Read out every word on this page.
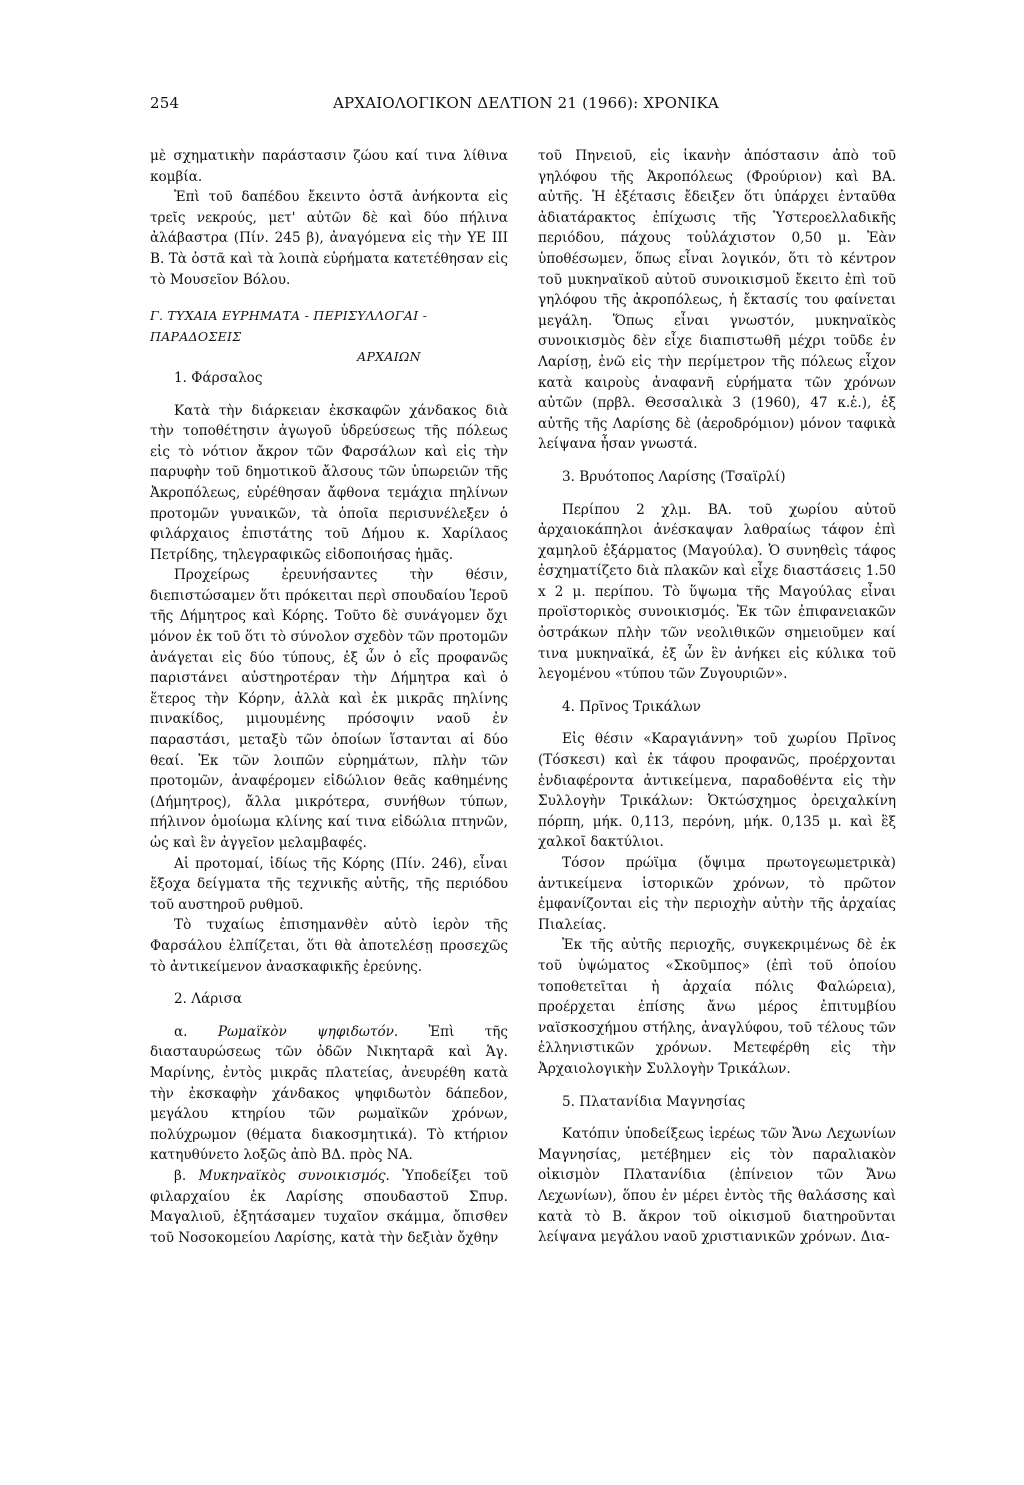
254	ΑΡΧΑΙΟΛΟΓΙΚΟΝ ΔΕΛΤΙΟΝ 21 (1966): ΧΡΟΝΙΚΑ

μὲ σχηματικὴν παράστασιν ζώου καί τινα λίθινα κομβία.

Ἐπὶ τοῦ δαπέδου ἔκειντο ὀστᾶ ἀνήκοντα εἰς τρεῖς νεκρούς, μετ' αὐτῶν δὲ καὶ δύο πήλινα ἀλάβαστρα (Πίν. 245 β), ἀναγόμενα εἰς τὴν ΥΕ ΙΙΙ Β. Τὰ ὀστᾶ καὶ τὰ λοιπὰ εὑρήματα κατετέθησαν εἰς τὸ Μουσεῖον Βόλου.

Γ. ΤΥΧΑΙΑ ΕΥΡΗΜΑΤΑ - ΠΕΡΙΣΥΛΛΟΓΑΙ - ΠΑΡΑΔΟΣΕΙΣ
ΑΡΧΑΙΩΝ

1. Φάρσαλος

Κατὰ τὴν διάρκειαν ἐκσκαφῶν χάνδακος διὰ τὴν τοποθέτησιν ἀγωγοῦ ὑδρεύσεως τῆς πόλεως εἰς τὸ νότιον ἄκρον τῶν Φαρσάλων καὶ εἰς τὴν παρυφὴν τοῦ δημοτικοῦ ἄλσους τῶν ὑπωρειῶν τῆς Ἀκροπόλεως, εὑρέθησαν ἄφθονα τεμάχια πηλίνων προτομῶν γυναικῶν, τὰ ὁποῖα περισυνέλεξεν ὁ φιλάρχαιος ἐπιστάτης τοῦ Δήμου κ. Χαρίλαος Πετρίδης, τηλεγραφικῶς εἰδοποιήσας ἡμᾶς.

Προχείρως ἐρευνήσαντες τὴν θέσιν, διεπιστώσαμεν ὅτι πρόκειται περὶ σπουδαίου Ἱεροῦ τῆς Δήμητρος καὶ Κόρης. Τοῦτο δὲ συνάγομεν ὄχι μόνον ἐκ τοῦ ὅτι τὸ σύνολον σχεδὸν τῶν προτομῶν ἀνάγεται εἰς δύο τύπους, ἐξ ὧν ὁ εἷς προφανῶς παριστάνει αὐστηροτέραν τὴν Δήμητρα καὶ ὁ ἕτερος τὴν Κόρην, ἀλλὰ καὶ ἐκ μικρᾶς πηλίνης πινακίδος, μιμουμένης πρόσοψιν ναοῦ ἐν παραστάσι, μεταξὺ τῶν ὁποίων ἵστανται αἱ δύο θεαί. Ἐκ τῶν λοιπῶν εὑρημάτων, πλὴν τῶν προτομῶν, ἀναφέρομεν εἰδώλιον θεᾶς καθημένης (Δήμητρος), ἄλλα μικρότερα, συνήθων τύπων, πήλινον ὁμοίωμα κλίνης καί τινα εἰδώλια πτηνῶν, ὡς καὶ ἓν ἀγγεῖον μελαμβαφές.

Αἱ προτομαί, ἰδίως τῆς Κόρης (Πίν. 246), εἶναι ἔξοχα δείγματα τῆς τεχνικῆς αὐτῆς, τῆς περιόδου τοῦ αυστηροῦ ρυθμοῦ.

Τὸ τυχαίως ἐπισημανθὲν αὐτὸ ἱερὸν τῆς Φαρσάλου ἐλπίζεται, ὅτι θὰ ἀποτελέσῃ προσεχῶς τὸ ἀντικείμενον ἀνασκαφικῆς ἐρεύνης.

2. Λάρισα

α. Ρωμαϊκὸν ψηφιδωτόν. Ἐπὶ τῆς διασταυρώσεως τῶν ὁδῶν Νικηταρᾶ καὶ Ἁγ. Μαρίνης, ἐντὸς μικρᾶς πλατείας, ἀνευρέθη κατὰ τὴν ἐκσκαφὴν χάνδακος ψηφιδωτὸν δάπεδον, μεγάλου κτηρίου τῶν ρωμαϊκῶν χρόνων, πολύχρωμον (θέματα διακοσμητικά). Τὸ κτήριον κατηυθύνετο λοξῶς ἀπὸ ΒΔ. πρὸς ΝΑ.

β. Μυκηναϊκὸς συνοικισμός. Ὑποδείξει τοῦ φιλαρχαίου ἐκ Λαρίσης σπουδαστοῦ Σπυρ. Μαγαλιοῦ, ἐξητάσαμεν τυχαῖον σκάμμα, ὄπισθεν τοῦ Νοσοκομείου Λαρίσης, κατὰ τὴν δεξιὰν ὄχθην

τοῦ Πηνειοῦ, εἰς ἱκανὴν ἀπόστασιν ἀπὸ τοῦ γηλόφου τῆς Ἀκροπόλεως (Φρούριον) καὶ ΒΑ. αὐτῆς. Ἡ ἐξέτασις ἔδειξεν ὅτι ὑπάρχει ἐνταῦθα ἀδιατάρακτος ἐπίχωσις τῆς Ὑστεροελλαδικῆς περιόδου, πάχους τοὐλάχιστον 0,50 μ. Ἐὰν ὑποθέσωμεν, ὅπως εἶναι λογικόν, ὅτι τὸ κέντρον τοῦ μυκηναϊκοῦ αὐτοῦ συνοικισμοῦ ἔκειτο ἐπὶ τοῦ γηλόφου τῆς ἀκροπόλεως, ἡ ἔκτασίς του φαίνεται μεγάλη. Ὅπως εἶναι γνωστόν, μυκηναϊκὸς συνοικισμὸς δὲν εἶχε διαπιστωθῆ μέχρι τοῦδε ἐν Λαρίσῃ, ἐνῶ εἰς τὴν περίμετρον τῆς πόλεως εἶχον κατὰ καιροὺς ἀναφανῆ εὑρήματα τῶν χρόνων αὐτῶν (πρβλ. Θεσσαλικὰ 3 (1960), 47 κ.ἑ.), ἐξ αὐτῆς τῆς Λαρίσης δὲ (ἀεροδρόμιον) μόνον ταφικὰ λείψανα ἦσαν γνωστά.

3. Βρυότοπος Λαρίσης (Τσαϊρλί)

Περίπου 2 χλμ. ΒΑ. τοῦ χωρίου αὐτοῦ ἀρχαιοκάπηλοι ἀνέσκαψαν λαθραίως τάφον ἐπὶ χαμηλοῦ ἐξάρματος (Μαγούλα). Ὁ συνηθεὶς τάφος ἐσχηματίζετο διὰ πλακῶν καὶ εἶχε διαστάσεις 1.50 x 2 μ. περίπου. Τὸ ὕψωμα τῆς Μαγούλας εἶναι προϊστορικὸς συνοικισμός. Ἐκ τῶν ἐπιφανειακῶν ὀστράκων πλὴν τῶν νεολιθικῶν σημειοῦμεν καί τινα μυκηναϊκά, ἐξ ὧν ἓν ἀνήκει εἰς κύλικα τοῦ λεγομένου «τύπου τῶν Ζυγουριῶν».

4. Πρῖνος Τρικάλων

Εἰς θέσιν «Καραγιάννη» τοῦ χωρίου Πρῖνος (Τόσκεσι) καὶ ἐκ τάφου προφανῶς, προέρχονται ἐνδιαφέροντα ἀντικείμενα, παραδοθέντα εἰς τὴν Συλλογὴν Τρικάλων: Ὀκτώσχημος ὀρειχαλκίνη πόρπη, μήκ. 0,113, περόνη, μήκ. 0,135 μ. καὶ ἓξ χαλκοῖ δακτύλιοι.

Τόσον πρώϊμα (ὄψιμα πρωτογεωμετρικὰ) ἀντικείμενα ἱστορικῶν χρόνων, τὸ πρῶτον ἐμφανίζονται εἰς τὴν περιοχὴν αὐτὴν τῆς ἀρχαίας Πιαλείας.

Ἐκ τῆς αὐτῆς περιοχῆς, συγκεκριμένως δὲ ἐκ τοῦ ὑψώματος «Σκοῦμπος» (ἐπὶ τοῦ ὁποίου τοποθετεῖται ἡ ἀρχαία πόλις Φαλώρεια), προέρχεται ἐπίσης ἄνω μέρος ἐπιτυμβίου ναϊσκοσχήμου στήλης, ἀναγλύφου, τοῦ τέλους τῶν ἑλληνιστικῶν χρόνων. Μετεφέρθη εἰς τὴν Ἀρχαιολογικὴν Συλλογὴν Τρικάλων.

5. Πλατανίδια Μαγνησίας

Κατόπιν ὑποδείξεως ἱερέως τῶν Ἄνω Λεχωνίων Μαγνησίας, μετέβημεν εἰς τὸν παραλιακὸν οἰκισμὸν Πλατανίδια (ἐπίνειον τῶν Ἄνω Λεχωνίων), ὅπου ἐν μέρει ἐντὸς τῆς θαλάσσης καὶ κατὰ τὸ Β. ἄκρον τοῦ οἰκισμοῦ διατηροῦνται λείψανα μεγάλου ναοῦ χριστιανικῶν χρόνων. Δια-
